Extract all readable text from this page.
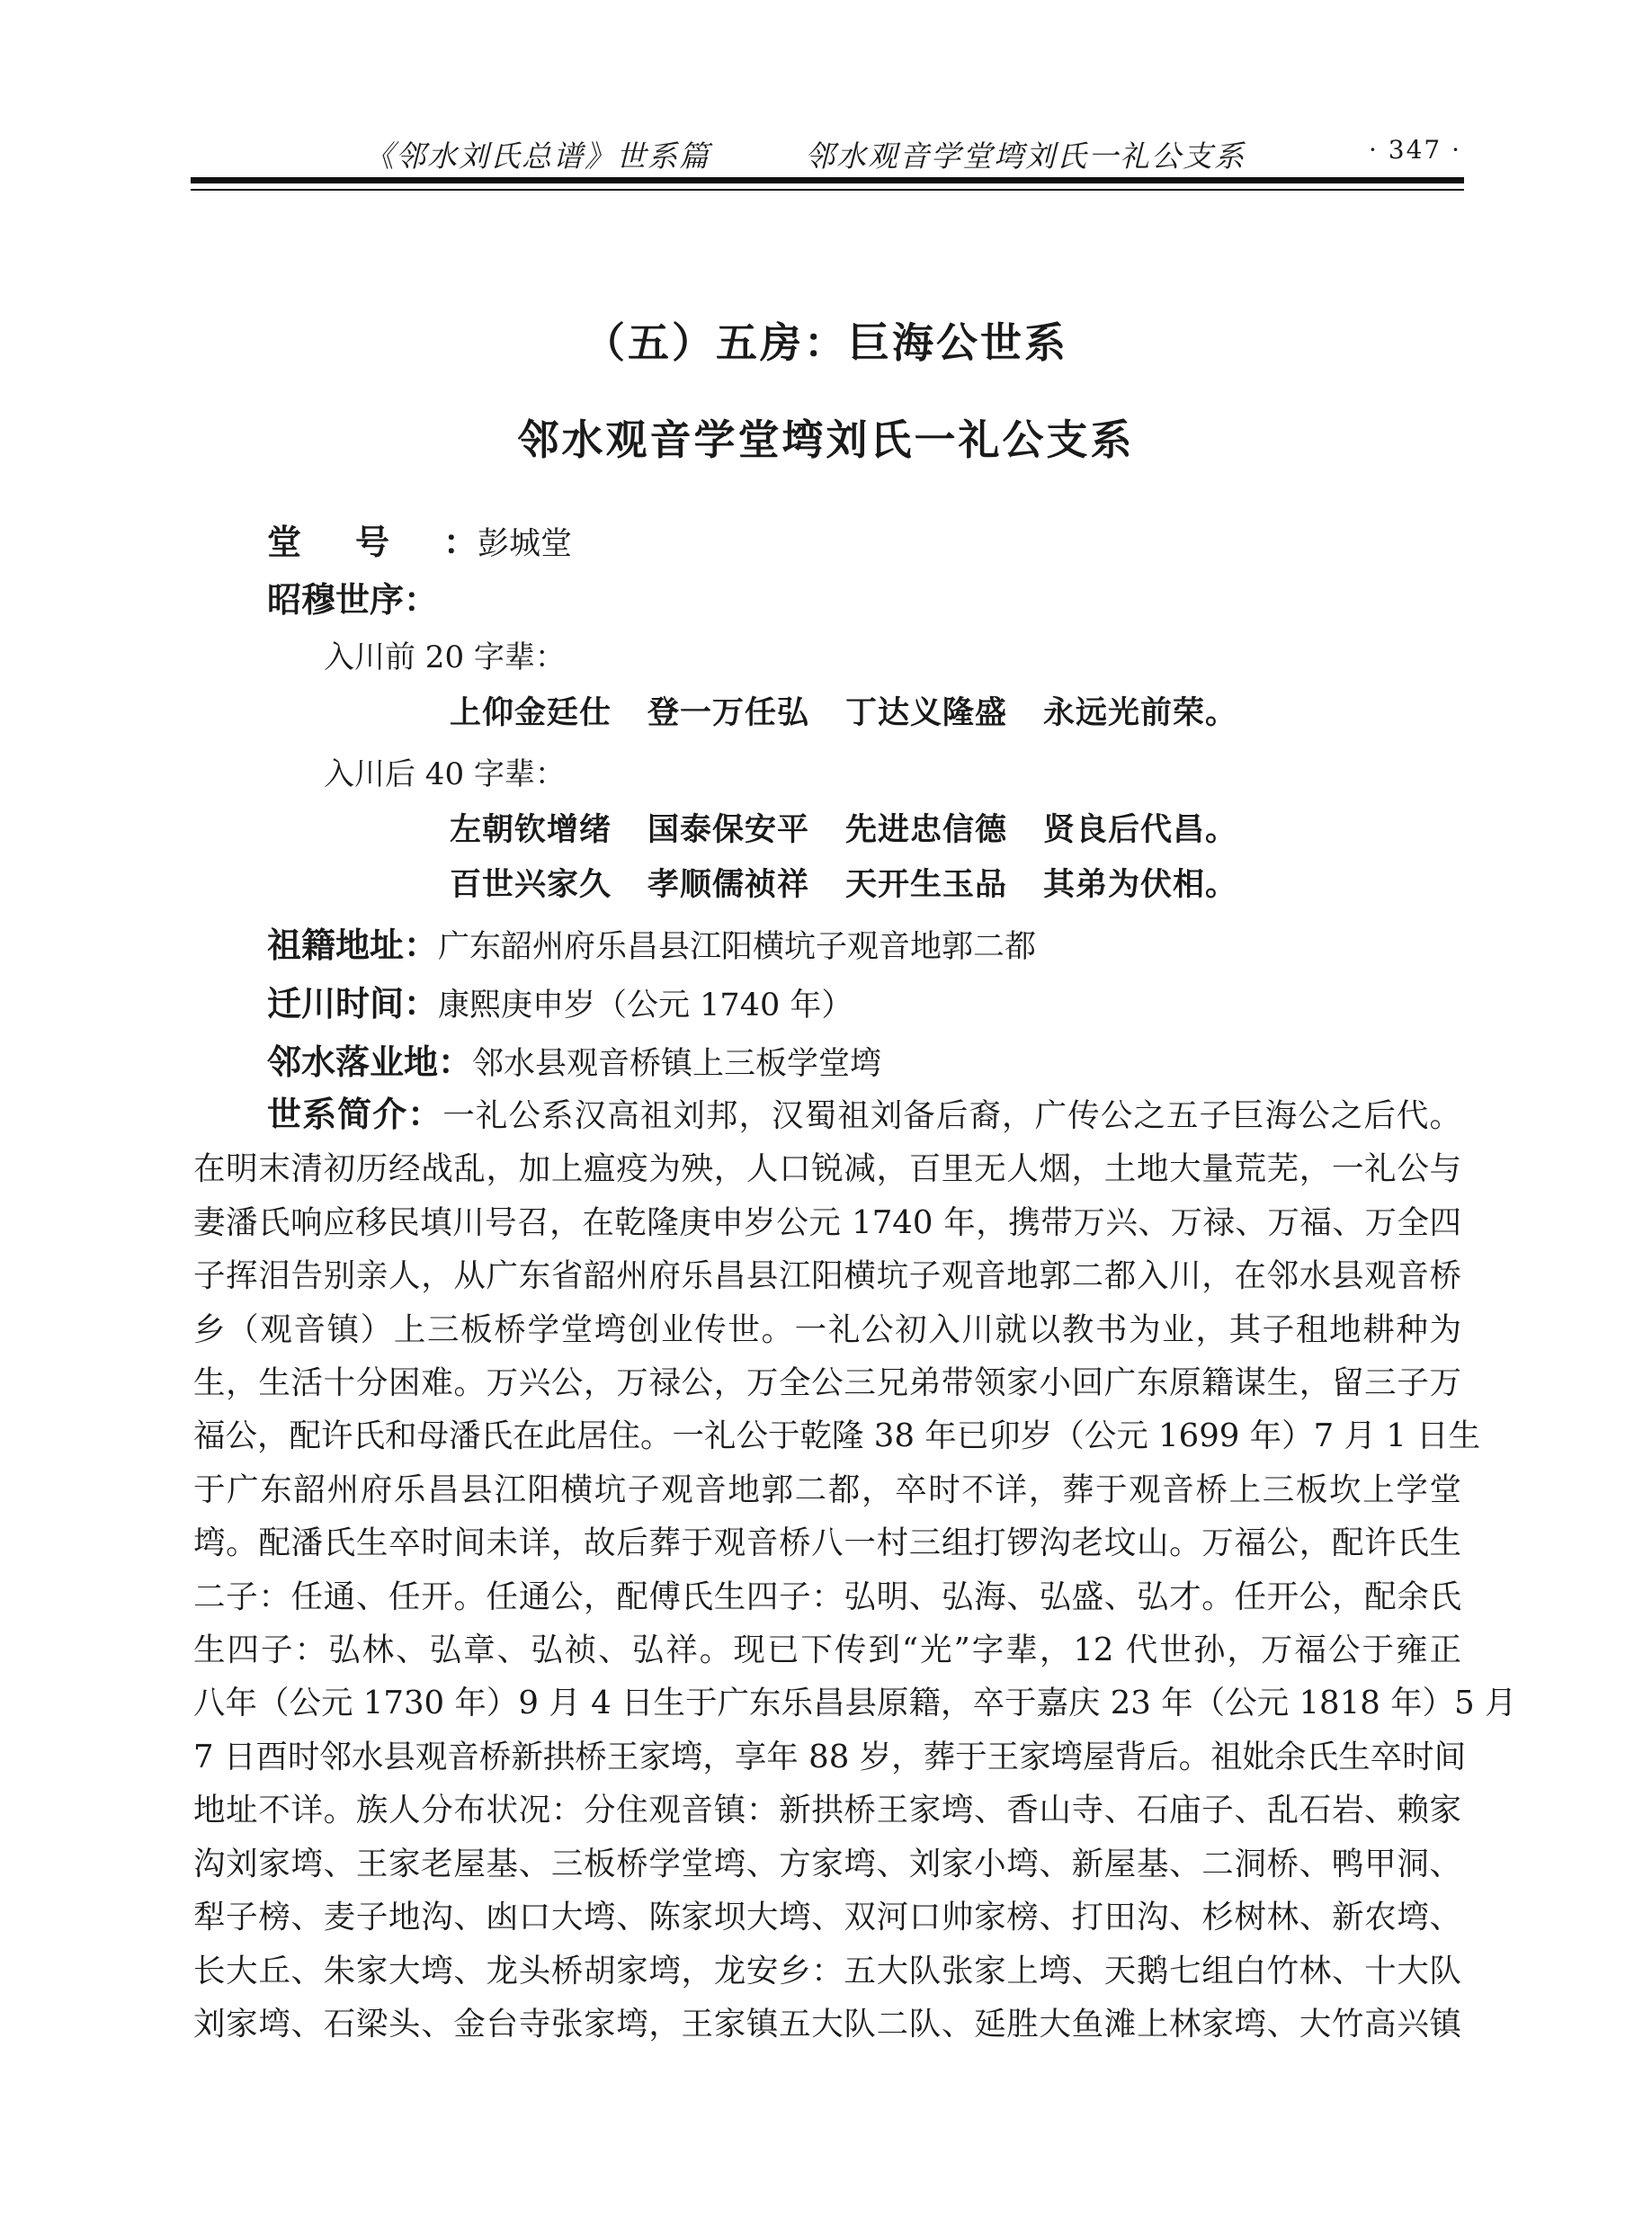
《邻水刘氏总谱》世系篇	邻水观音学堂塆刘氏一礼公支系	· 347 ·
（五）五房：巨海公世系
邻水观音学堂塆刘氏一礼公支系
堂号：彭城堂
昭穆世序：
入川前 20 字辈：
上仰金廷仕 登一万任弘 丁达义隆盛 永远光前荣。
入川后 40 字辈：
左朝钦增绪 国泰保安平 先进忠信德 贤良后代昌。
百世兴家久 孝顺儒祯祥 天开生玉品 其弟为伏相。
祖籍地址：广东韶州府乐昌县江阳横坑子观音地郭二都
迁川时间：康熙庚申岁（公元 1740 年）
邻水落业地：邻水县观音桥镇上三板学堂塆
世系简介：一礼公系汉高祖刘邦，汉蜀祖刘备后裔，广传公之五子巨海公之后代。
在明末清初历经战乱，加上瘟疫为殃，人口锐减，百里无人烟，土地大量荒芜，一礼公与
妻潘氏响应移民填川号召，在乾隆庚申岁公元 1740 年，携带万兴、万禄、万福、万全四
子挥泪告别亲人，从广东省韶州府乐昌县江阳横坑子观音地郭二都入川，在邻水县观音桥
乡（观音镇）上三板桥学堂塆创业传世。一礼公初入川就以教书为业，其子租地耕种为
生，生活十分困难。万兴公，万禄公，万全公三兄弟带领家小回广东原籍谋生，留三子万
福公，配许氏和母潘氏在此居住。一礼公于乾隆 38 年已卯岁（公元 1699 年）7 月 1 日生
于广东韶州府乐昌县江阳横坑子观音地郭二都，卒时不详，葬于观音桥上三板坎上学堂
塆。配潘氏生卒时间未详，故后葬于观音桥八一村三组打锣沟老坟山。万福公，配许氏生
二子：任通、任开。任通公，配傅氏生四子：弘明、弘海、弘盛、弘才。任开公，配余氏
生四子：弘林、弘章、弘祯、弘祥。现已下传到“光”字辈，12 代世孙，万福公于雍正
八年（公元 1730 年）9 月 4 日生于广东乐昌县原籍，卒于嘉庆 23 年（公元 1818 年）5 月
7 日酉时邻水县观音桥新拱桥王家塆，享年 88 岁，葬于王家塆屋背后。祖妣余氏生卒时间
地址不详。族人分布状况：分住观音镇：新拱桥王家塆、香山寺、石庙子、乱石岩、赖家
沟刘家塆、王家老屋基、三板桥学堂塆、方家塆、刘家小塆、新屋基、二洞桥、鸭甲洞、
犁子榜、麦子地沟、凼口大塆、陈家坝大塆、双河口帅家榜、打田沟、杉树林、新农塆、
长大丘、朱家大塆、龙头桥胡家塆，龙安乡：五大队张家上塆、天鹅七组白竹林、十大队
刘家塆、石梁头、金台寺张家塆，王家镇五大队二队、延胜大鱼滩上林家塆、大竹高兴镇
